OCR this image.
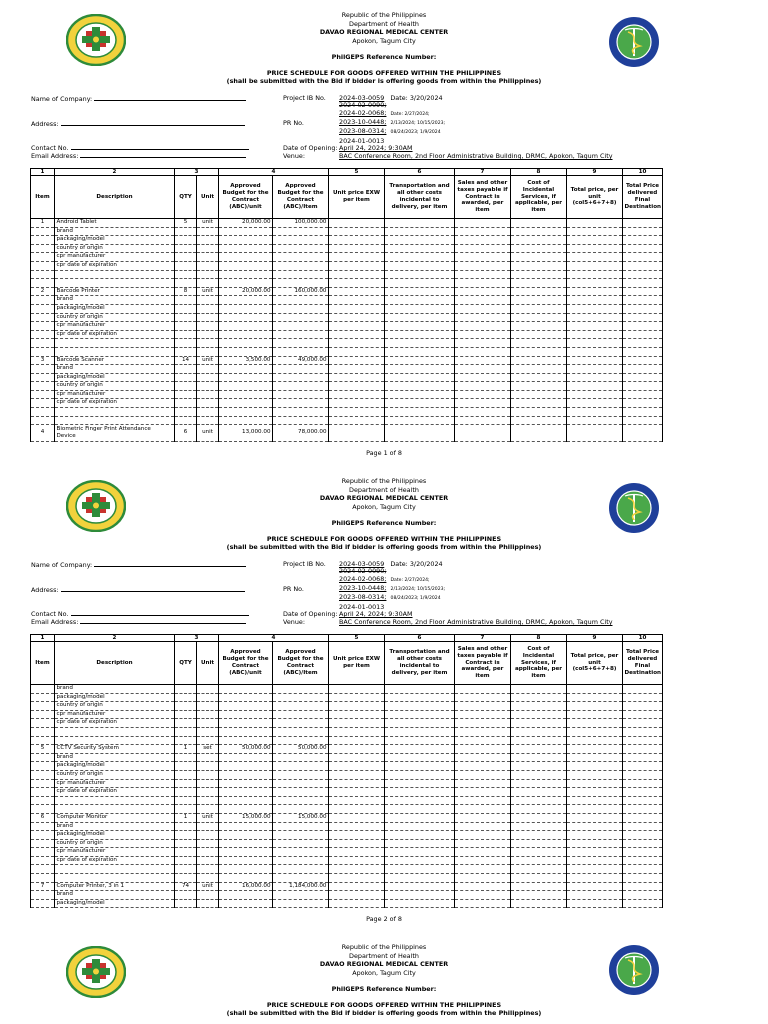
Republic of the Philippines
Department of Health
DAVAO REGIONAL MEDICAL CENTER
Apokon, Tagum City
PhilGEPS Reference Number:
PRICE SCHEDULE FOR GOODS OFFERED WITHIN THE PHILIPPINES
(shall be submitted with the Bid if bidder is offering goods from within the Philippines)
Name of Company:
Address:
Contact No.
Email Address:
Project IB No. 2024-03-0059 Date: 3/20/2024
2024-02-0090;
2024-02-0068; Date: 2/27/2024;
PR No.	2023-10-0448; 2/13/2024; 10/15/2023;
2023-08-0314; 08/24/2023; 1/9/2024
2024-01-0013
Date of Opening: April 24, 2024; 9:30AM
Venue:	BAC Conference Room, 2nd Floor Administrative Building, DRMC, Apokon, Tagum City
1	2	3		4		5	6	7	8	9	10
Item	Description	QTY	Unit	Approved Budget for the Contract (ABC)/unit	Approved Budget for the Contract (ABC)/Item	Unit price EXW per item	Transportation and all other costs incidental to delivery, per item	Sales and other taxes payable if Contract is awarded, per item	Cost of Incidental Services, if applicable, per item	Total price, per unit (col5+6+7+8)	Total Price delivered Final Destination
1	Android Tablet	5	unit	20,000.00	100,000.00						
	brand										
	packaging/model										
	country of origin										
	cpr manufacturer										
	cpr date of expiration										

2	Barcode Printer	8	unit	20,000.00	160,000.00						
	brand										
	packaging/model										
	country of origin										
	cpr manufacturer										
	cpr date of expiration										

3	Barcode Scanner	14	unit	3,500.00	49,000.00						
	brand										
	packaging/model										
	country of origin										
	cpr manufacturer										
	cpr date of expiration										

4	Biometric Finger Print Attendance
Device	6	unit	13,000.00	78,000.00						
Page 1 of 8
Republic of the Philippines
Department of Health
DAVAO REGIONAL MEDICAL CENTER
Apokon, Tagum City
PhilGEPS Reference Number:
PRICE SCHEDULE FOR GOODS OFFERED WITHIN THE PHILIPPINES
(shall be submitted with the Bid if bidder is offering goods from within the Philippines)
Name of Company:
Address:
Contact No.
Email Address:
Project IB No. 2024-03-0059 Date: 3/20/2024
2024-02-0090;
2024-02-0068; Date: 2/27/2024;
PR No.	2023-10-0448; 2/13/2024; 10/15/2023;
2023-08-0314; 08/24/2023; 1/9/2024
2024-01-0013
Date of Opening: April 24, 2024; 9:30AM
Venue:	BAC Conference Room, 2nd Floor Administrative Building, DRMC, Apokon, Tagum City
1	2	3		4		5	6	7	8	9	10
Item	Description	QTY	Unit	Approved Budget for the Contract (ABC)/unit	Approved Budget for the Contract (ABC)/Item	Unit price EXW per item	Transportation and all other costs incidental to delivery, per item	Sales and other taxes payable if Contract is awarded, per item	Cost of Incidental Services, if applicable, per item	Total price, per unit (col5+6+7+8)	Total Price delivered Final Destination
	brand										
	packaging/model										
	country of origin										
	cpr manufacturer										
	cpr date of expiration										

5	CCTV Security System	1	set	50,000.00	50,000.00						
	brand										
	packaging/model										
	country of origin										
	cpr manufacturer										
	cpr date of expiration										

6	Computer Monitor	1	unit	15,000.00	15,000.00						
	brand										
	packaging/model										
	country of origin										
	cpr manufacturer										
	cpr date of expiration										

7	Computer Printer, 3 in 1	74	unit	16,000.00	1,184,000.00						
	brand										
	packaging/model										
Page 2 of 8
Republic of the Philippines
Department of Health
DAVAO REGIONAL MEDICAL CENTER
Apokon, Tagum City
PhilGEPS Reference Number:
PRICE SCHEDULE FOR GOODS OFFERED WITHIN THE PHILIPPINES
(shall be submitted with the Bid if bidder is offering goods from within the Philippines)
